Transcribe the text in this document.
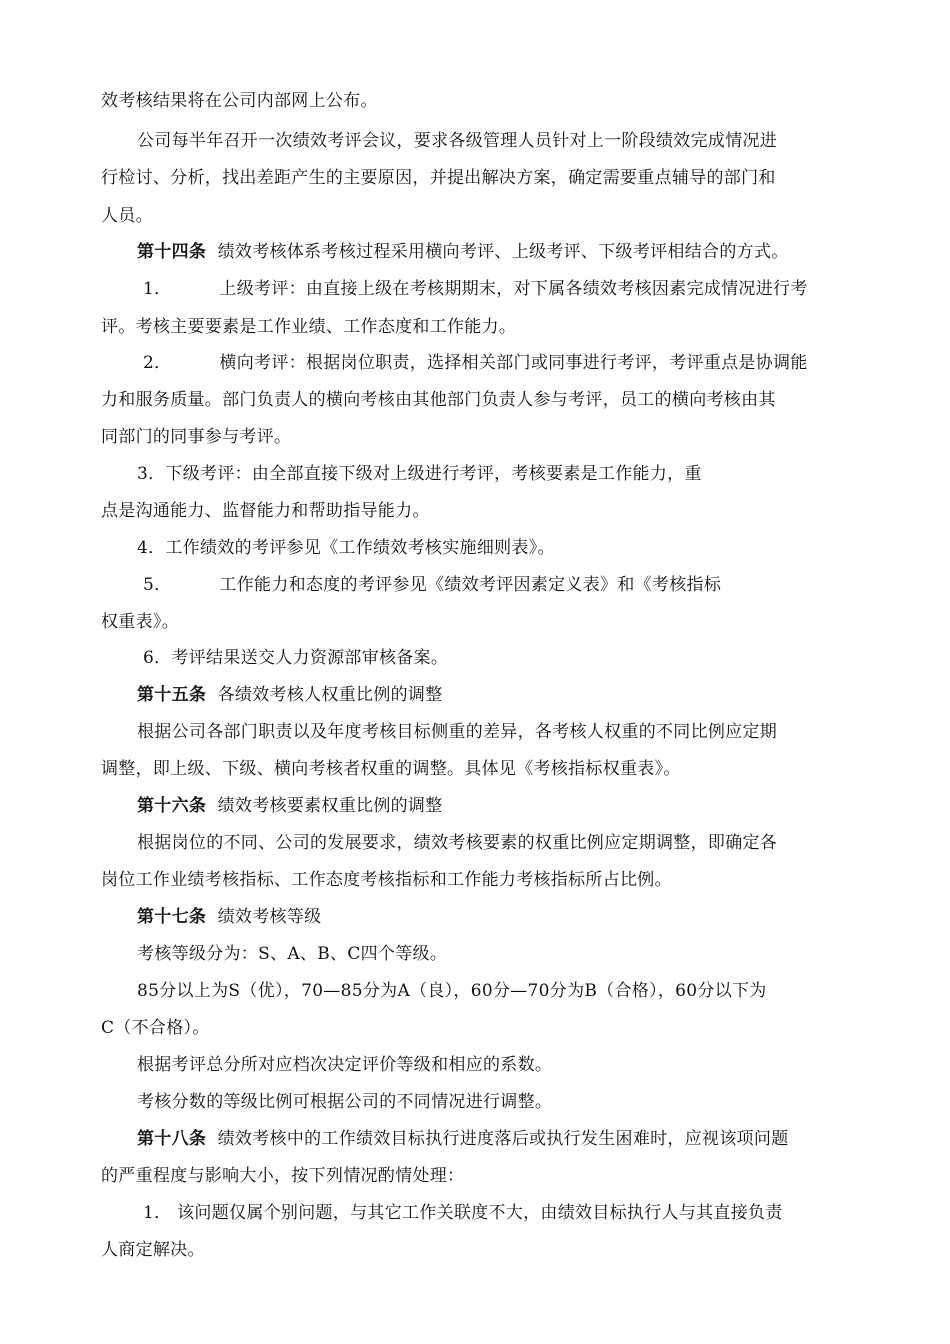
效考核结果将在公司内部网上公布。

公司每半年召开一次绩效考评会议，要求各级管理人员针对上一阶段绩效完成情况进

行检讨、分析，找出差距产生的主要原因，并提出解决方案，确定需要重点辅导的部门和

人员。

第十四条 绩效考核体系考核过程采用横向考评、上级考评、下级考评相结合的方式。

1．	上级考评：由直接上级在考核期期末，对下属各绩效考核因素完成情况进行考

评。考核主要要素是工作业绩、工作态度和工作能力。

2．	横向考评：根据岗位职责，选择相关部门或同事进行考评，考评重点是协调能

力和服务质量。部门负责人的横向考核由其他部门负责人参与考评，员工的横向考核由其

同部门的同事参与考评。

3．下级考评：由全部直接下级对上级进行考评，考核要素是工作能力，重

点是沟通能力、监督能力和帮助指导能力。

4．工作绩效的考评参见《工作绩效考核实施细则表》。

5．	工作能力和态度的考评参见《绩效考评因素定义表》和《考核指标

权重表》。

6．考评结果送交人力资源部审核备案。

第十五条 各绩效考核人权重比例的调整

根据公司各部门职责以及年度考核目标侧重的差异，各考核人权重的不同比例应定期

调整，即上级、下级、横向考核者权重的调整。具体见《考核指标权重表》。

第十六条 绩效考核要素权重比例的调整

根据岗位的不同、公司的发展要求，绩效考核要素的权重比例应定期调整，即确定各

岗位工作业绩考核指标、工作态度考核指标和工作能力考核指标所占比例。

第十七条 绩效考核等级

考核等级分为：S、A、B、C四个等级。

85分以上为S（优），70—85分为A（良），60分—70分为B（合格），60分以下为

C（不合格）。

根据考评总分所对应档次决定评价等级和相应的系数。

考核分数的等级比例可根据公司的不同情况进行调整。

第十八条 绩效考核中的工作绩效目标执行进度落后或执行发生困难时，应视该项问题

的严重程度与影响大小，按下列情况酌情处理：

1． 该问题仅属个别问题，与其它工作关联度不大，由绩效目标执行人与其直接负责

人商定解决。
